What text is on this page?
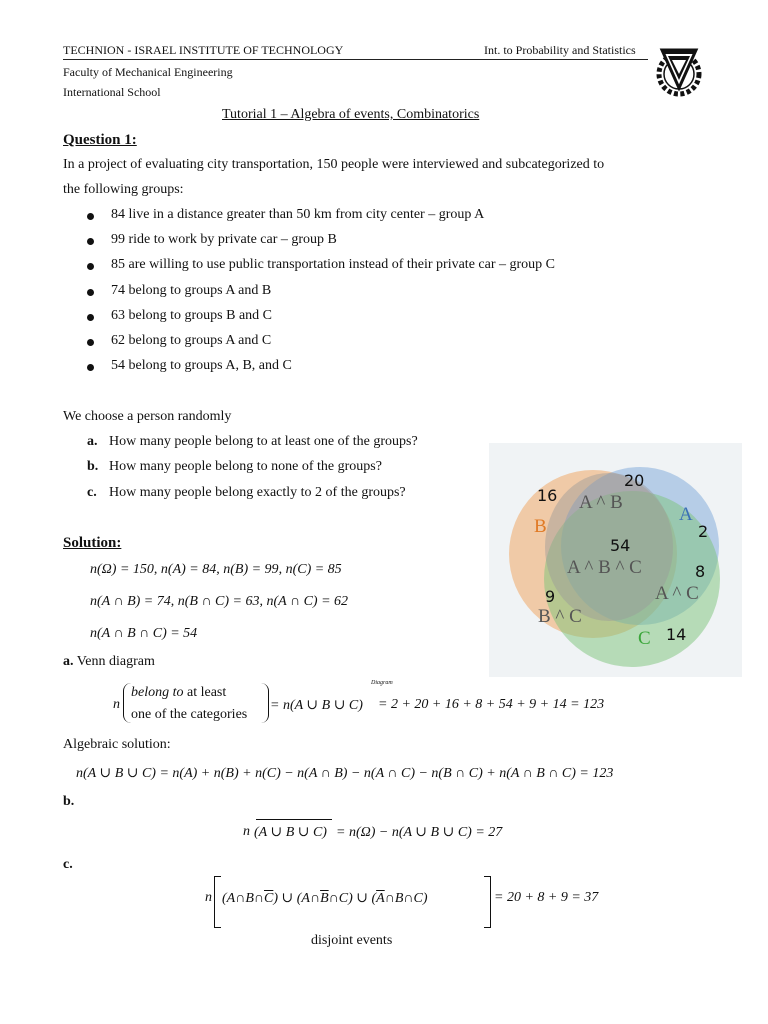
TECHNION - ISRAEL INSTITUTE OF TECHNOLOGY	Int. to Probability and Statistics
Faculty of Mechanical Engineering
International School
Tutorial 1 – Algebra of events, Combinatorics
Question 1:
In a project of evaluating city transportation, 150 people were interviewed and subcategorized to
the following groups:
84 live in a distance greater than 50 km from city center – group A
99 ride to work by private car – group B
85 are willing to use public transportation instead of their private car – group C
74 belong to groups A and B
63 belong to groups B and C
62 belong to groups A and C
54 belong to groups A, B, and C
We choose a person randomly
a. How many people belong to at least one of the groups?
b. How many people belong to none of the groups?
c. How many people belong exactly to 2 of the groups?	16
20
A ^ B
A
B	2
54
A ^ B ^ C	8
A ^ C
9
B ^ C
C 14
Solution:
n(Ω) = 150, n(A) = 84, n(B) = 99, n(C) = 85
n(A ∩ B) = 74, n(B ∩ C) = 63, n(A ∩ C) = 62
n(A ∩ B ∩ C) = 54
a. Venn diagram
n
belong to at least
one of the categories
= n(A ∪ B ∪ C)
Diagram
= 2 + 20 + 16 + 8 + 54 + 9 + 14 = 123
Algebraic solution:
n(A ∪ B ∪ C) = n(A) + n(B) + n(C) − n(A ∩ B) − n(A ∩ C) − n(B ∩ C) + n(A ∩ B ∩ C) = 123
b.
n (A ∪ B ∪ C) = n(Ω) − n(A ∪ B ∪ C) = 27
c.
n $(A\cap B\cap\overline{C})$ ∪ $(A\cap\overline{B}\cap C)$ ∪ $(\overline{A}\cap B\cap C)$	= 20 + 8 + 9 = 37
disjoint events
